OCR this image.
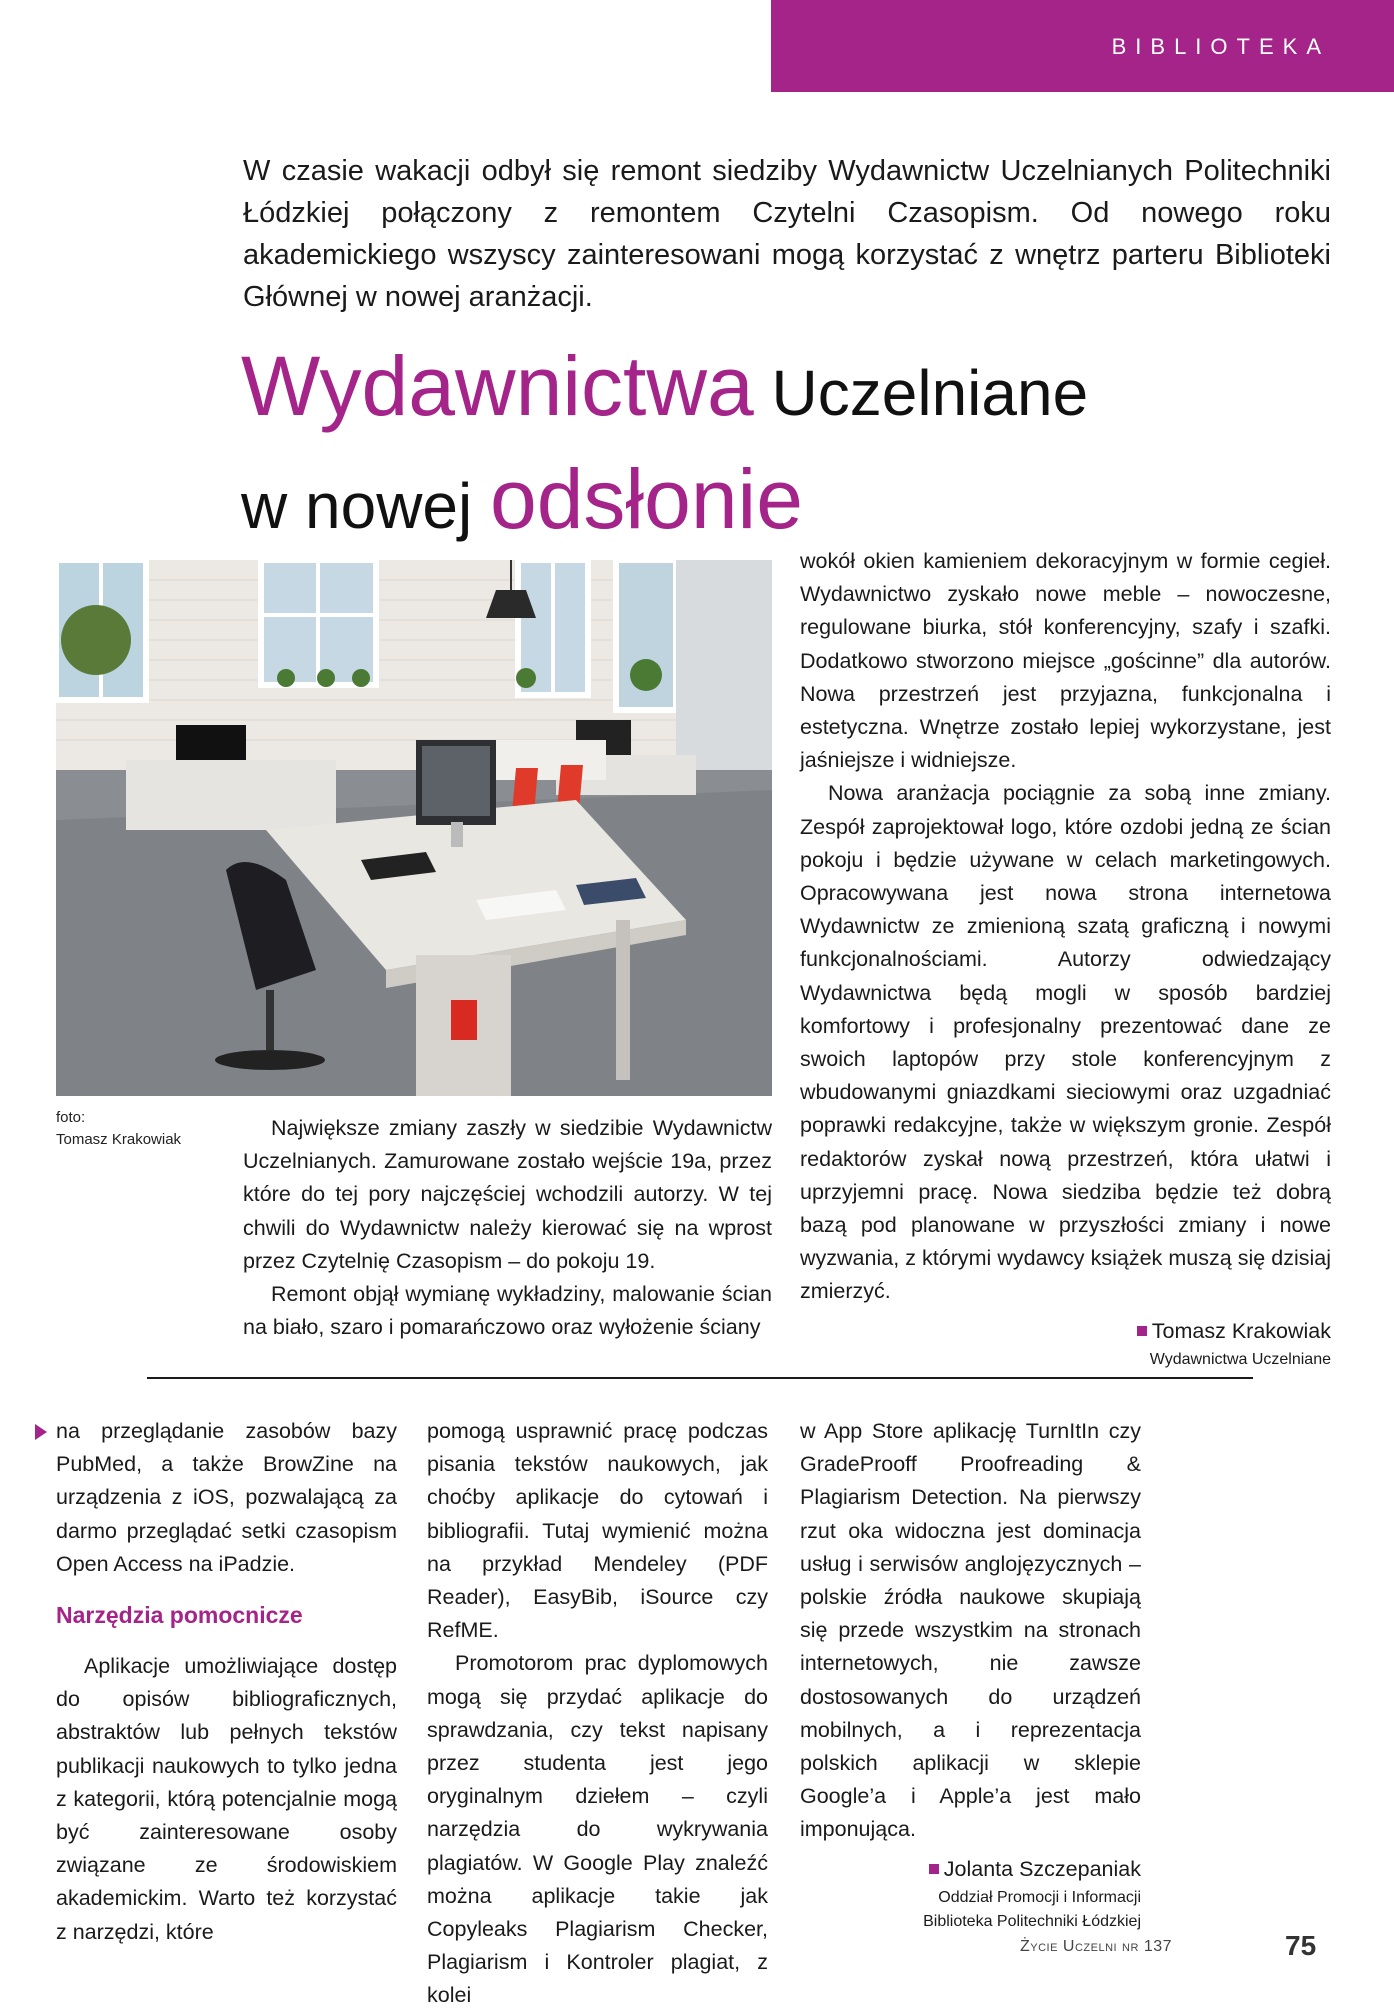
BIBLIOTEKA
W czasie wakacji odbył się remont siedziby Wydawnictw Uczelnianych Politechniki Łódzkiej połączony z remontem Czytelni Czasopism. Od nowego roku akademickiego wszyscy zainteresowani mogą korzystać z wnętrz parteru Biblioteki Głównej w nowej aranżacji.
Wydawnictwa Uczelniane
w nowej odsłonie
foto:
Tomasz Krakowiak	Największe zmiany zaszły w siedzibie Wydawnictw Uczelnianych. Zamurowane zostało wejście 19a, przez które do tej pory najczęściej wchodzili autorzy. W tej chwili do Wydawnictw należy kierować się na wprost przez Czytelnię Czasopism – do pokoju 19.

Remont objął wymianę wykładziny, malowanie ścian na biało, szaro i pomarańczowo oraz wyłożenie ściany

wokół okien kamieniem dekoracyjnym w formie cegieł. Wydawnictwo zyskało nowe meble – nowoczesne, regulowane biurka, stół konferencyjny, szafy i szafki. Dodatkowo stworzono miejsce „gościnne” dla autorów. Nowa przestrzeń jest przyjazna, funkcjonalna i estetyczna. Wnętrze zostało lepiej wykorzystane, jest jaśniejsze i widniejsze.

Nowa aranżacja pociągnie za sobą inne zmiany. Zespół zaprojektował logo, które ozdobi jedną ze ścian pokoju i będzie używane w celach marketingowych. Opracowywana jest nowa strona internetowa Wydawnictw ze zmienioną szatą graficzną i nowymi funkcjonalnościami. Autorzy odwiedzający Wydawnictwa będą mogli w sposób bardziej komfortowy i profesjonalny prezentować dane ze swoich laptopów przy stole konferencyjnym z wbudowanymi gniazdkami sieciowymi oraz uzgadniać poprawki redakcyjne, także w większym gronie. Zespół redaktorów zyskał nową przestrzeń, która ułatwi i uprzyjemni pracę. Nowa siedziba będzie też dobrą bazą pod planowane w przyszłości zmiany i nowe wyzwania, z którymi wydawcy książek muszą się dzisiaj zmierzyć.

Tomasz Krakowiak
Wydawnictwa Uczelniane

na przeglądanie zasobów bazy PubMed, a także BrowZine na urządzenia z iOS, pozwalającą za darmo przeglądać setki czasopism Open Access na iPadzie.

Narzędzia pomocnicze

Aplikacje umożliwiające dostęp do opisów bibliograficznych, abstraktów lub pełnych tekstów publikacji naukowych to tylko jedna z kategorii, którą potencjalnie mogą być zainteresowane osoby związane ze środowiskiem akademickim. Warto też korzystać z narzędzi, które

pomogą usprawnić pracę podczas pisania tekstów naukowych, jak choćby aplikacje do cytowań i bibliografii. Tutaj wymienić można na przykład Mendeley (PDF Reader), EasyBib, iSource czy RefME.

Promotorom prac dyplomowych mogą się przydać aplikacje do sprawdzania, czy tekst napisany przez studenta jest jego oryginalnym dziełem – czyli narzędzia do wykrywania plagiatów. W Google Play znaleźć można aplikacje takie jak Copyleaks Plagiarism Checker, Plagiarism i Kontroler plagiat, z kolei

w App Store aplikację TurnItIn czy GradeProoff Proofreading & Plagiarism Detection. Na pierwszy rzut oka widoczna jest dominacja usług i serwisów anglojęzycznych – polskie źródła naukowe skupiają się przede wszystkim na stronach internetowych, nie zawsze dostosowanych do urządzeń mobilnych, a i reprezentacja polskich aplikacji w sklepie Google’a i Apple’a jest mało imponująca.

Jolanta Szczepaniak
Oddział Promocji i Informacji
Biblioteka Politechniki Łódzkiej
Życie Uczelni nr 137	75
